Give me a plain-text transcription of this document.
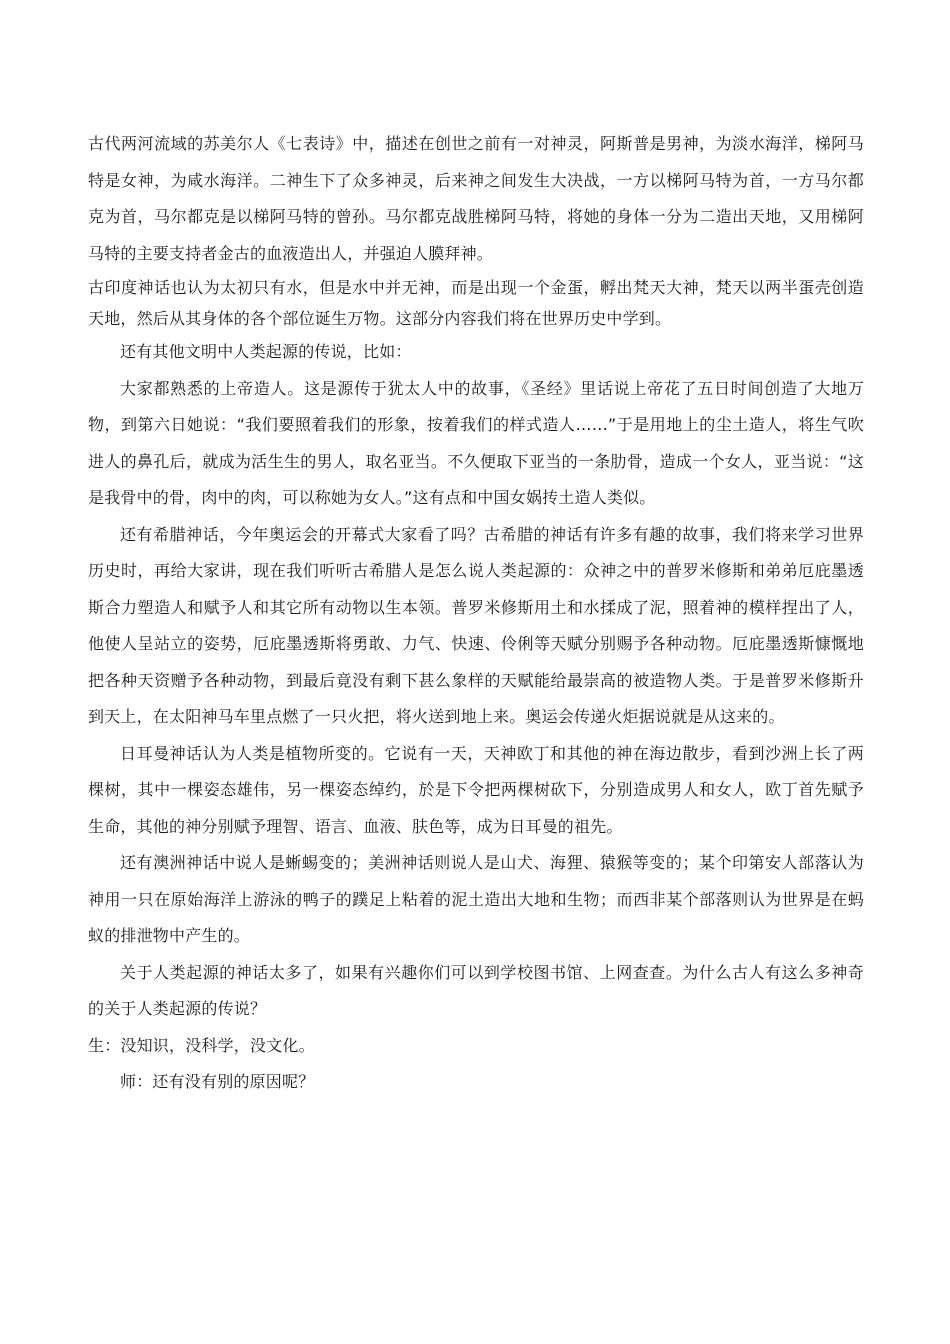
古代两河流域的苏美尔人《七表诗》中，描述在创世之前有一对神灵，阿斯普是男神，为淡水海洋，梯阿马特是女神，为咸水海洋。二神生下了众多神灵，后来神之间发生大决战，一方以梯阿马特为首，一方马尔都克为首，马尔都克是以梯阿马特的曾孙。马尔都克战胜梯阿马特，将她的身体一分为二造出天地，又用梯阿马特的主要支持者金古的血液造出人，并强迫人膜拜神。

古印度神话也认为太初只有水，但是水中并无神，而是出现一个金蛋，孵出梵天大神，梵天以两半蛋壳创造天地，然后从其身体的各个部位诞生万物。这部分内容我们将在世界历史中学到。

还有其他文明中人类起源的传说，比如：

大家都熟悉的上帝造人。这是源传于犹太人中的故事，《圣经》里话说上帝花了五日时间创造了大地万物，到第六日她说：“我们要照着我们的形象，按着我们的样式造人……”于是用地上的尘土造人，将生气吹进人的鼻孔后，就成为活生生的男人，取名亚当。不久便取下亚当的一条肋骨，造成一个女人，亚当说：“这是我骨中的骨，肉中的肉，可以称她为女人。”这有点和中国女娲抟土造人类似。

还有希腊神话，今年奥运会的开幕式大家看了吗？古希腊的神话有许多有趣的故事，我们将来学习世界历史时，再给大家讲，现在我们听听古希腊人是怎么说人类起源的：众神之中的普罗米修斯和弟弟厄庇墨透斯合力塑造人和赋予人和其它所有动物以生本领。普罗米修斯用土和水揉成了泥，照着神的模样捏出了人，他使人呈站立的姿势，厄庇墨透斯将勇敢、力气、快速、伶俐等天赋分别赐予各种动物。厄庇墨透斯慷慨地把各种天资赠予各种动物，到最后竟没有剩下甚么象样的天赋能给最崇高的被造物人类。于是普罗米修斯升到天上，在太阳神马车里点燃了一只火把，将火送到地上来。奥运会传递火炬据说就是从这来的。

日耳曼神话认为人类是植物所变的。它说有一天，天神欧丁和其他的神在海边散步，看到沙洲上长了两棵树，其中一棵姿态雄伟，另一棵姿态绰约，於是下令把两棵树砍下，分别造成男人和女人，欧丁首先赋予生命，其他的神分别赋予理智、语言、血液、肤色等，成为日耳曼的祖先。

还有澳洲神话中说人是蜥蜴变的；美洲神话则说人是山犬、海狸、猿猴等变的；某个印第安人部落认为神用一只在原始海洋上游泳的鸭子的蹼足上粘着的泥土造出大地和生物；而西非某个部落则认为世界是在蚂蚁的排泄物中产生的。

关于人类起源的神话太多了，如果有兴趣你们可以到学校图书馆、上网查查。为什么古人有这么多神奇的关于人类起源的传说？

生：没知识，没科学，没文化。

师：还有没有别的原因呢？
